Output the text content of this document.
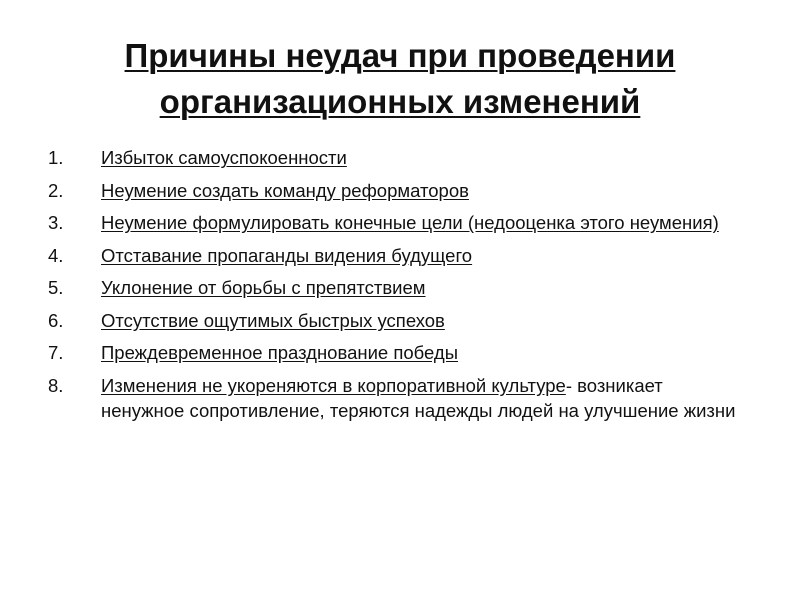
Причины неудач при проведении
организационных изменений
1.	Избыток самоуспокоенности
2.	Неумение создать команду реформаторов
3.	Неумение формулировать конечные цели (недооценка этого неумения)
4.	Отставание пропаганды видения будущего
5.	Уклонение от борьбы с препятствием
6.	Отсутствие ощутимых быстрых успехов
7.	Преждевременное празднование победы
8.	Изменения не укореняются в корпоративной культуре- возникает ненужное сопротивление, теряются надежды людей на улучшение жизни
